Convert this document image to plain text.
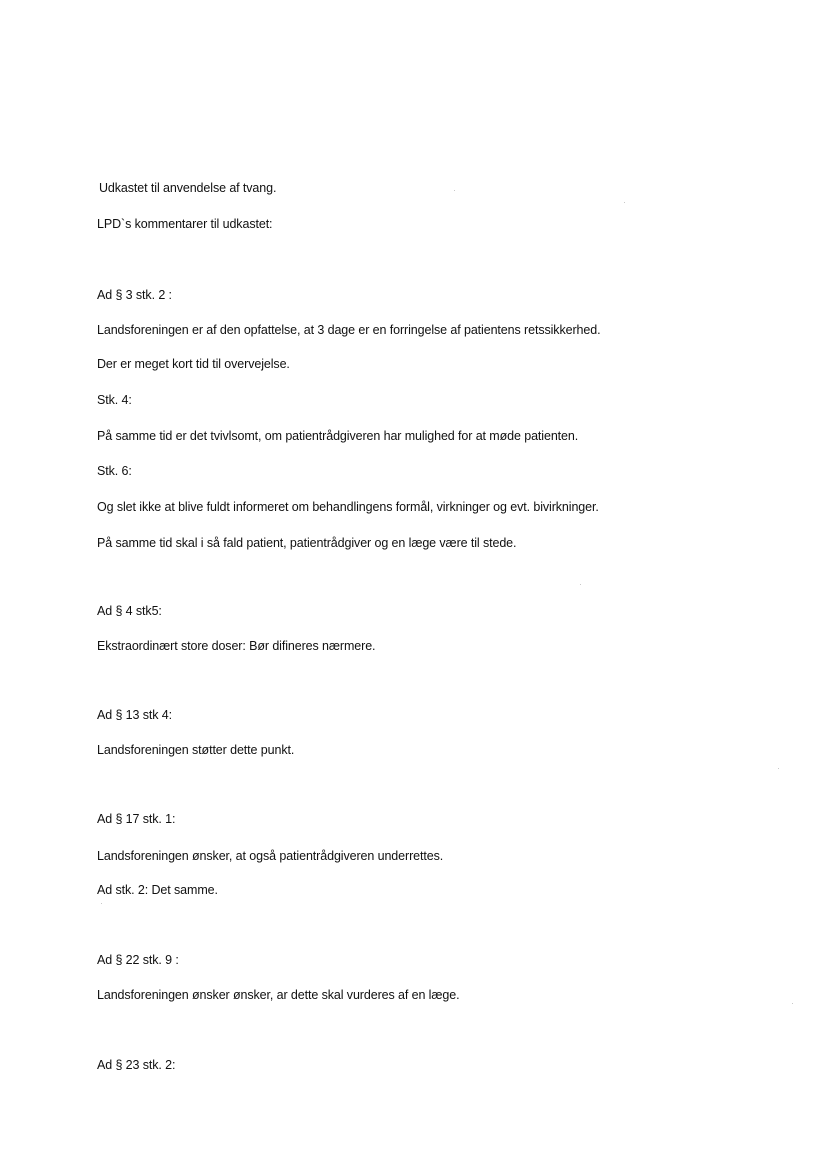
Udkastet til anvendelse af tvang.
LPD`s kommentarer til udkastet:
Ad § 3 stk. 2 :
Landsforeningen er af den opfattelse, at 3 dage er en forringelse af patientens retssikkerhed.
Der er meget kort tid til overvejelse.
Stk. 4:
På samme tid er det tvivlsomt, om patientrådgiveren har mulighed for at møde patienten.
Stk. 6:
Og slet ikke at blive fuldt informeret om behandlingens formål, virkninger og evt. bivirkninger.
På samme tid skal i så fald patient, patientrådgiver og en læge være til stede.
Ad § 4 stk5:
Ekstraordinært store doser: Bør difineres nærmere.
Ad § 13 stk 4:
Landsforeningen støtter dette punkt.
Ad § 17 stk. 1:
Landsforeningen ønsker, at også patientrådgiveren underrettes.
Ad stk. 2: Det samme.
Ad § 22 stk. 9 :
Landsforeningen ønsker ønsker, ar dette skal vurderes af en læge.
Ad § 23 stk. 2:
